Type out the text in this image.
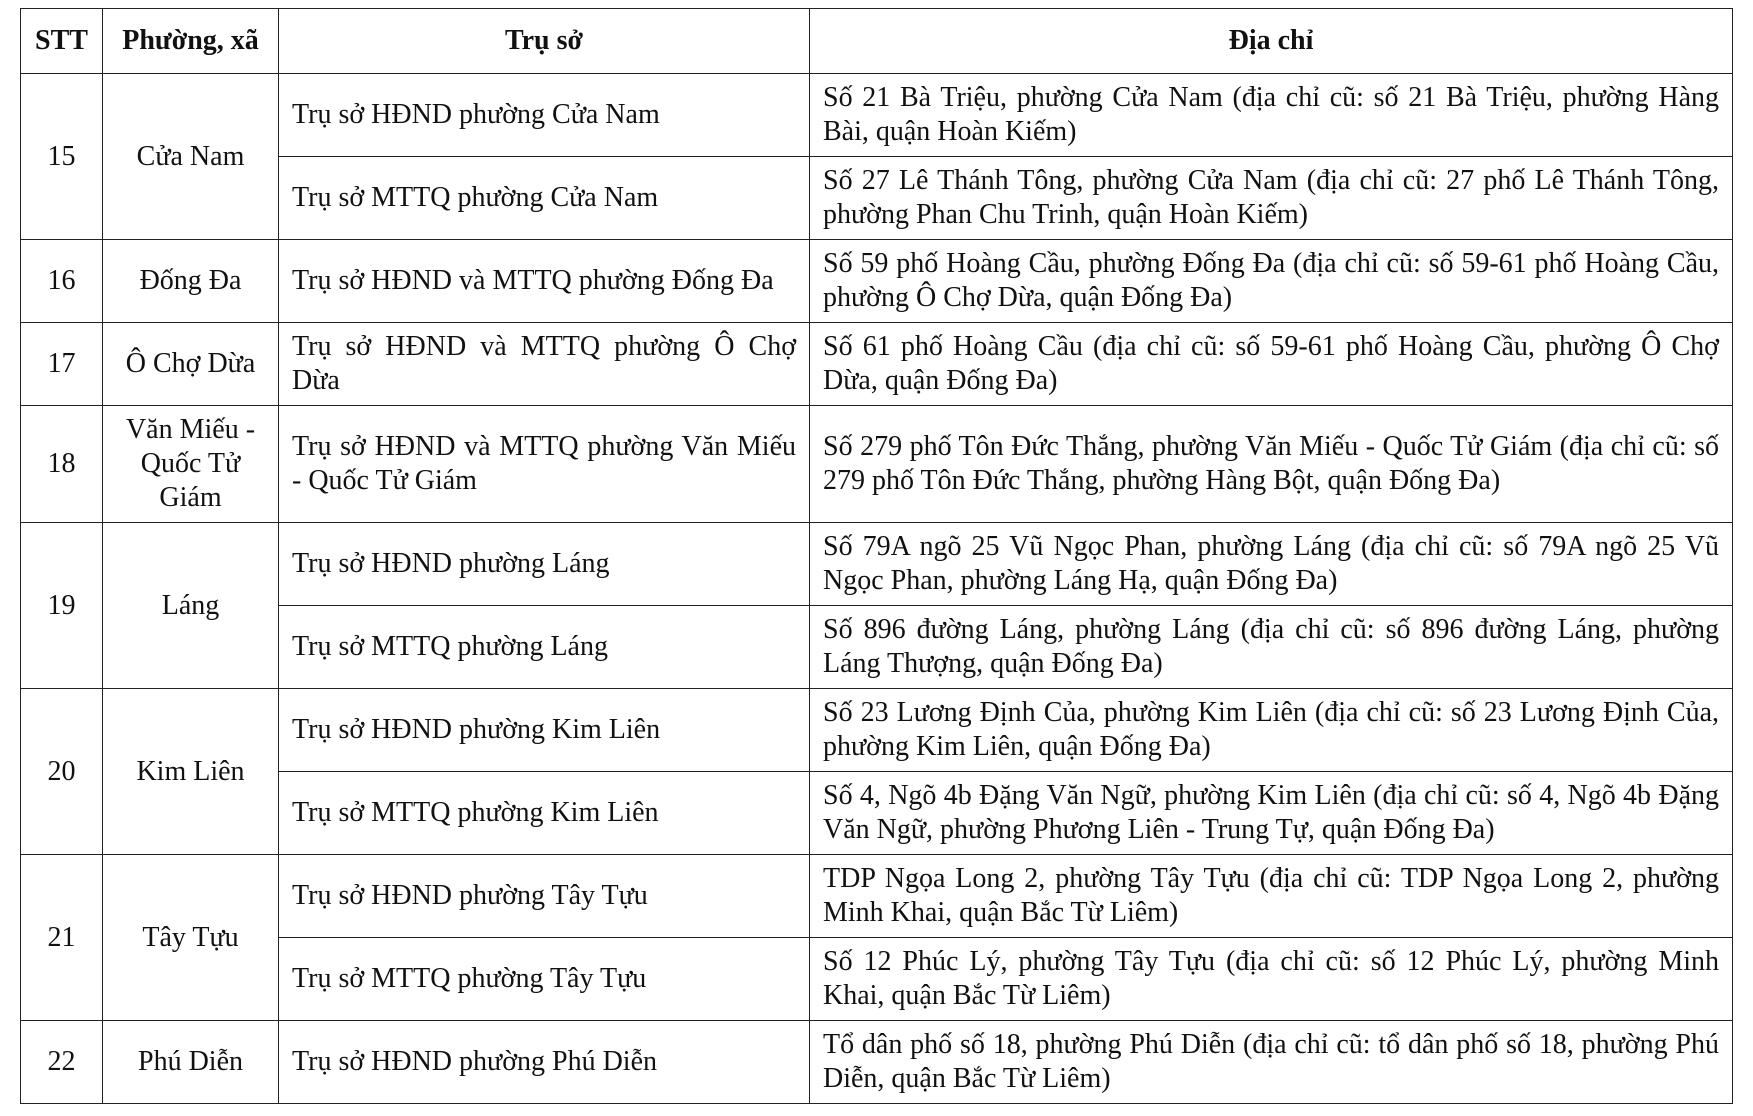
STT	Phường, xã	Trụ sở	Địa chỉ
15	Cửa Nam	Trụ sở HĐND phường Cửa Nam	Số 21 Bà Triệu, phường Cửa Nam (địa chỉ cũ: số 21 Bà Triệu, phường Hàng Bài, quận Hoàn Kiếm)
		Trụ sở MTTQ phường Cửa Nam	Số 27 Lê Thánh Tông, phường Cửa Nam (địa chỉ cũ: 27 phố Lê Thánh Tông, phường Phan Chu Trinh, quận Hoàn Kiếm)
16	Đống Đa	Trụ sở HĐND và MTTQ phường Đống Đa	Số 59 phố Hoàng Cầu, phường Đống Đa (địa chỉ cũ: số 59-61 phố Hoàng Cầu, phường Ô Chợ Dừa, quận Đống Đa)
17	Ô Chợ Dừa	Trụ sở HĐND và MTTQ phường Ô Chợ Dừa	Số 61 phố Hoàng Cầu (địa chỉ cũ: số 59-61 phố Hoàng Cầu, phường Ô Chợ Dừa, quận Đống Đa)
18	Văn Miếu - Quốc Tử Giám	Trụ sở HĐND và MTTQ phường Văn Miếu - Quốc Tử Giám	Số 279 phố Tôn Đức Thắng, phường Văn Miếu - Quốc Tử Giám (địa chỉ cũ: số 279 phố Tôn Đức Thắng, phường Hàng Bột, quận Đống Đa)
19	Láng	Trụ sở HĐND phường Láng	Số 79A ngõ 25 Vũ Ngọc Phan, phường Láng (địa chỉ cũ: số 79A ngõ 25 Vũ Ngọc Phan, phường Láng Hạ, quận Đống Đa)
		Trụ sở MTTQ phường Láng	Số 896 đường Láng, phường Láng (địa chỉ cũ: số 896 đường Láng, phường Láng Thượng, quận Đống Đa)
20	Kim Liên	Trụ sở HĐND phường Kim Liên	Số 23 Lương Định Của, phường Kim Liên (địa chỉ cũ: số 23 Lương Định Của, phường Kim Liên, quận Đống Đa)
		Trụ sở MTTQ phường Kim Liên	Số 4, Ngõ 4b Đặng Văn Ngữ, phường Kim Liên (địa chỉ cũ: số 4, Ngõ 4b Đặng Văn Ngữ, phường Phương Liên - Trung Tự, quận Đống Đa)
21	Tây Tựu	Trụ sở HĐND phường Tây Tựu	TDP Ngọa Long 2, phường Tây Tựu (địa chỉ cũ: TDP Ngọa Long 2, phường Minh Khai, quận Bắc Từ Liêm)
		Trụ sở MTTQ phường Tây Tựu	Số 12 Phúc Lý, phường Tây Tựu (địa chỉ cũ: số 12 Phúc Lý, phường Minh Khai, quận Bắc Từ Liêm)
22	Phú Diễn	Trụ sở HĐND phường Phú Diễn	Tổ dân phố số 18, phường Phú Diễn (địa chỉ cũ: tổ dân phố số 18, phường Phú Diễn, quận Bắc Từ Liêm)
